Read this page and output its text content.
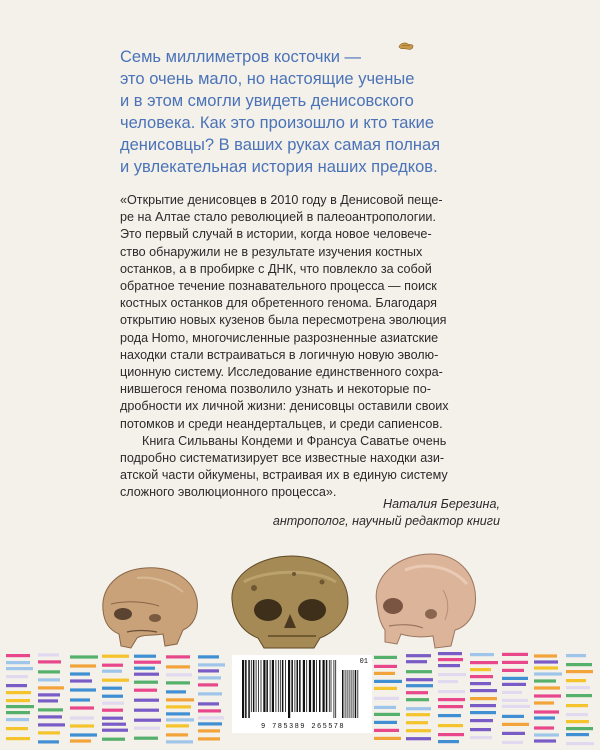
Семь миллиметров косточки —
это очень мало, но настоящие ученые
и в этом смогли увидеть денисовского
человека. Как это произошло и кто такие
денисовцы? В ваших руках самая полная
и увлекательная история наших предков.
«Открытие денисовцев в 2010 году в Денисовой пеще-
ре на Алтае стало революцией в палеоантропологии.
Это первый случай в истории, когда новое человече-
ство обнаружили не в результате изучения костных
останков, а в пробирке с ДНК, что повлекло за собой
обратное течение познавательного процесса — поиск
костных останков для обретенного генома. Благодаря
открытию новых кузенов была пересмотрена эволюция
рода Homo, многочисленные разрозненные азиатские
находки стали встраиваться в логичную новую эволю-
ционную систему. Исследование единственного сохра-
нившегося генома позволило узнать и некоторые по-
дробности их личной жизни: денисовцы оставили своих
потомков и среди неандертальцев, и среди сапиенсов.
Книга Сильваны Кондеми и Франсуа Саватье очень
подробно систематизирует все известные находки ази-
атской части ойкумены, встраивая их в единую систему
сложного эволюционного процесса».
Наталия Березина,
антрополог, научный редактор книги
01
9 785389 265578
